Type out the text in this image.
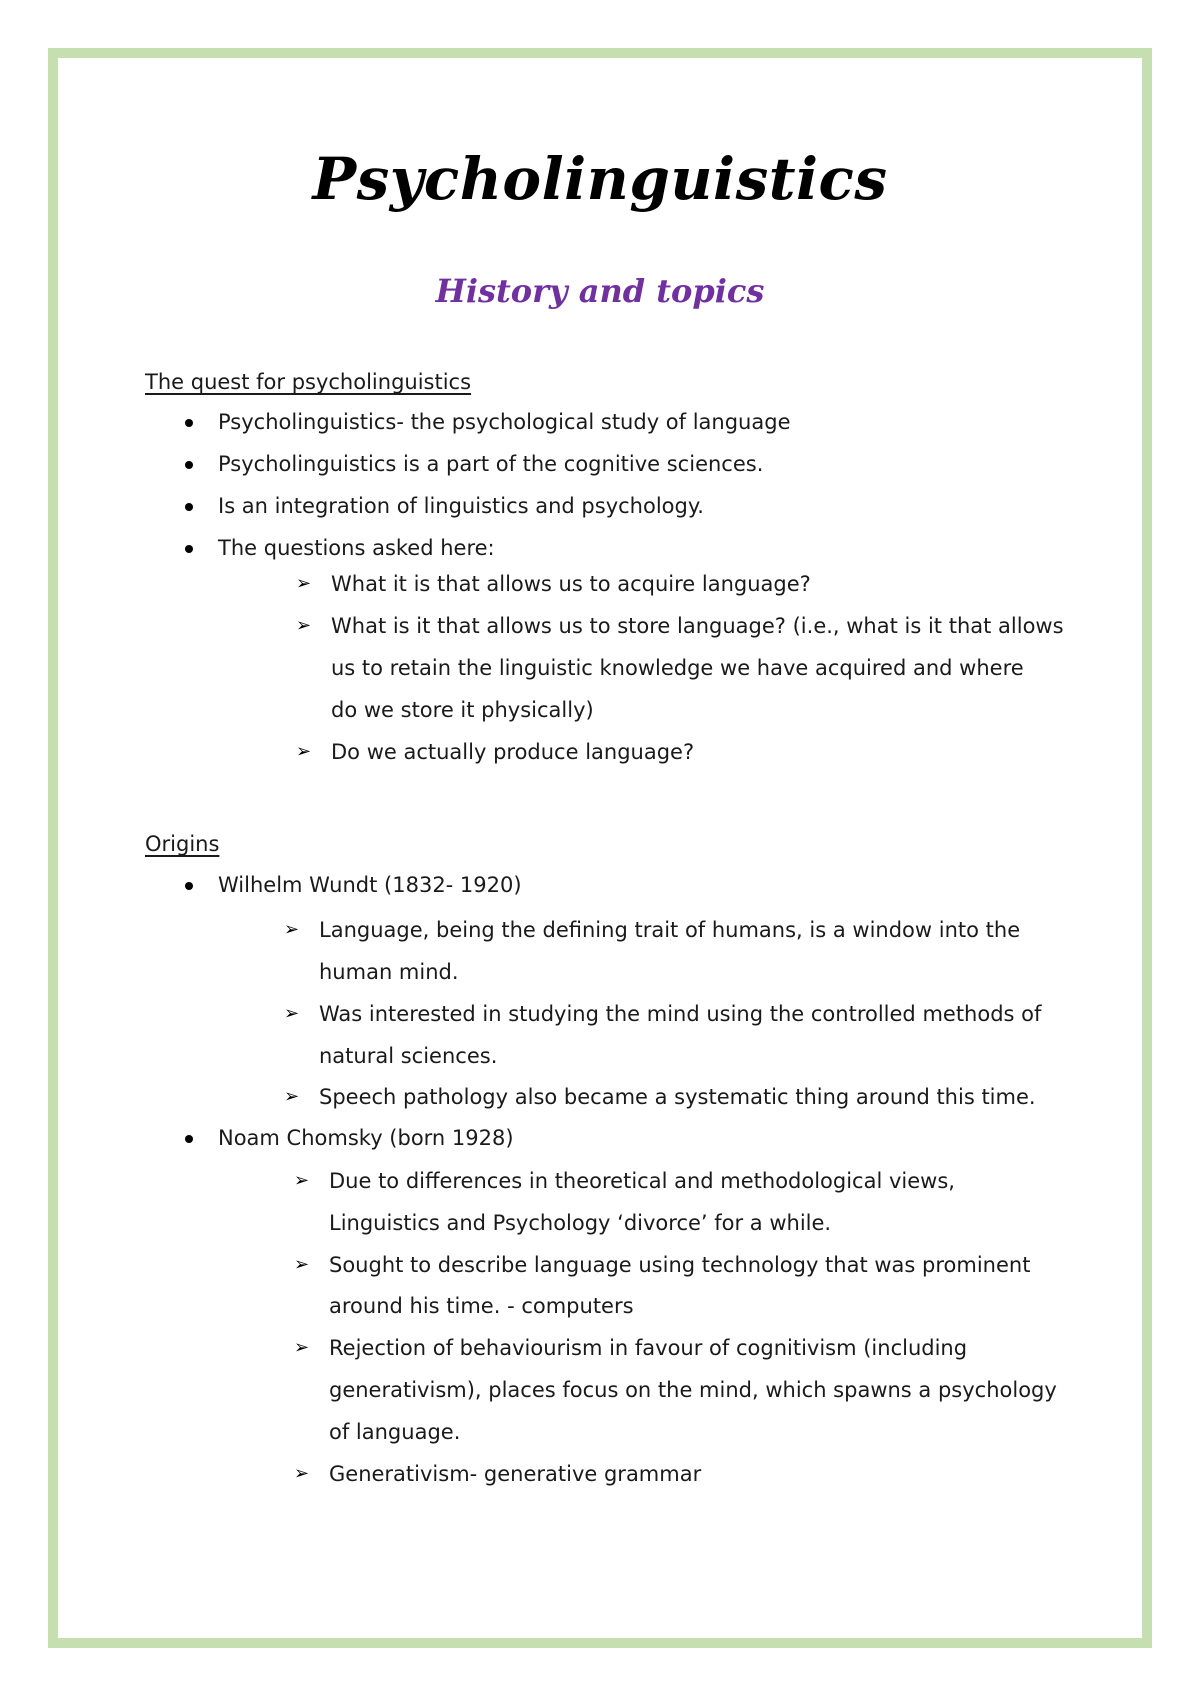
Psycholinguistics
History and topics
The quest for psycholinguistics
Psycholinguistics- the psychological study of language
Psycholinguistics is a part of the cognitive sciences.
Is an integration of linguistics and psychology.
The questions asked here:
➢ What it is that allows us to acquire language?
➢ What is it that allows us to store language? (i.e., what is it that allows
us to retain the linguistic knowledge we have acquired and where
do we store it physically)
➢ Do we actually produce language?
Origins
Wilhelm Wundt (1832- 1920)
➢ Language, being the defining trait of humans, is a window into the
human mind.
➢ Was interested in studying the mind using the controlled methods of
natural sciences.
➢ Speech pathology also became a systematic thing around this time.
Noam Chomsky (born 1928)
➢ Due to differences in theoretical and methodological views,
Linguistics and Psychology ‘divorce’ for a while.
➢ Sought to describe language using technology that was prominent
around his time. - computers
➢ Rejection of behaviourism in favour of cognitivism (including
generativism), places focus on the mind, which spawns a psychology
of language.
➢ Generativism- generative grammar
